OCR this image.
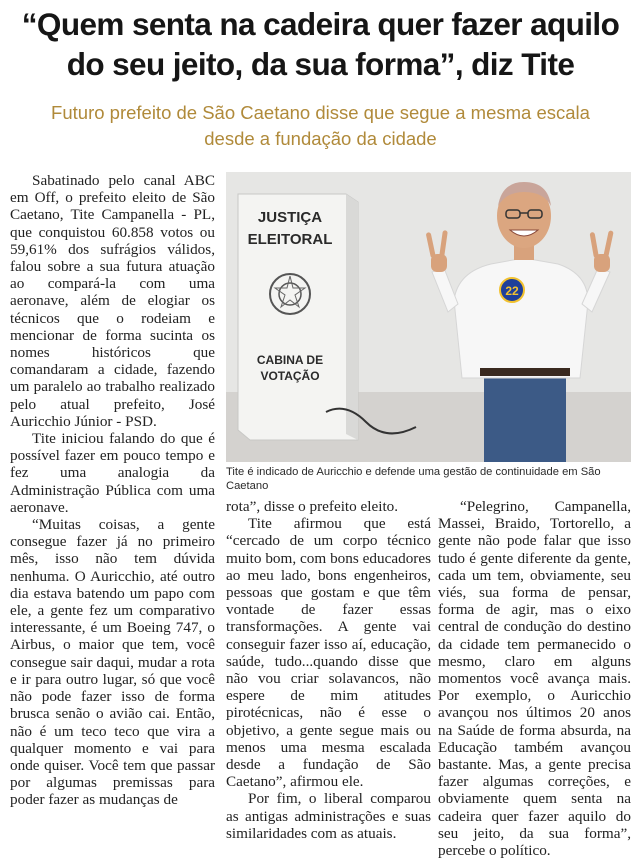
“Quem senta na cadeira quer fazer aquilo do seu jeito, da sua forma”, diz Tite

Futuro prefeito de São Caetano disse que segue a mesma escala desde a fundação da cidade

Sabatinado pelo canal ABC em Off, o prefeito eleito de São Caetano, Tite Campanella - PL, que conquistou 60.858 votos ou 59,61% dos sufrágios válidos, falou sobre a sua futura atuação ao compará-la com uma aeronave, além de elogiar os técnicos que o rodeiam e mencionar de forma sucinta os nomes históricos que comandaram a cidade, fazendo um paralelo ao trabalho realizado pelo atual prefeito, José Auricchio Júnior - PSD.

Tite iniciou falando do que é possível fazer em pouco tempo e fez uma analogia da Administração Pública com uma aeronave.

“Muitas coisas, a gente consegue fazer já no primeiro mês, isso não tem dúvida nenhuma. O Auricchio, até outro dia estava batendo um papo com ele, a gente fez um comparativo interessante, é um Boeing 747, o Airbus, o maior que tem, você consegue sair daqui, mudar a rota e ir para outro lugar, só que você não pode fazer isso de forma brusca senão o avião cai. Então, não é um teco teco que vira a qualquer momento e vai para onde quiser. Você tem que passar por algumas premissas para poder fazer as mudanças de

JUSTIÇA
ELEITORAL
CABINA DE
VOTAÇÃO
22

Tite é indicado de Auricchio e defende uma gestão de continuidade em São Caetano

rota”, disse o prefeito eleito.

Tite afirmou que está “cercado de um corpo técnico muito bom, com bons educadores ao meu lado, bons engenheiros, pessoas que gostam e que têm vontade de fazer essas transformações. A gente vai conseguir fazer isso aí, educação, saúde, tudo...quando disse que não vou criar solavancos, não espere de mim atitudes pirotécnicas, não é esse o objetivo, a gente segue mais ou menos uma mesma escalada desde a fundação de São Caetano”, afirmou ele.

Por fim, o liberal comparou as antigas administrações e suas similaridades com as atuais.

“Pelegrino, Campanella, Massei, Braido, Tortorello, a gente não pode falar que isso tudo é gente diferente da gente, cada um tem, obviamente, seu viés, sua forma de pensar, forma de agir, mas o eixo central de condução do destino da cidade tem permanecido o mesmo, claro em alguns momentos você avança mais. Por exemplo, o Auricchio avançou nos últimos 20 anos na Saúde de forma absurda, na Educação também avançou bastante. Mas, a gente precisa fazer algumas correções, e obviamente quem senta na cadeira quer fazer aquilo do seu jeito, da sua forma”, percebe o político.
